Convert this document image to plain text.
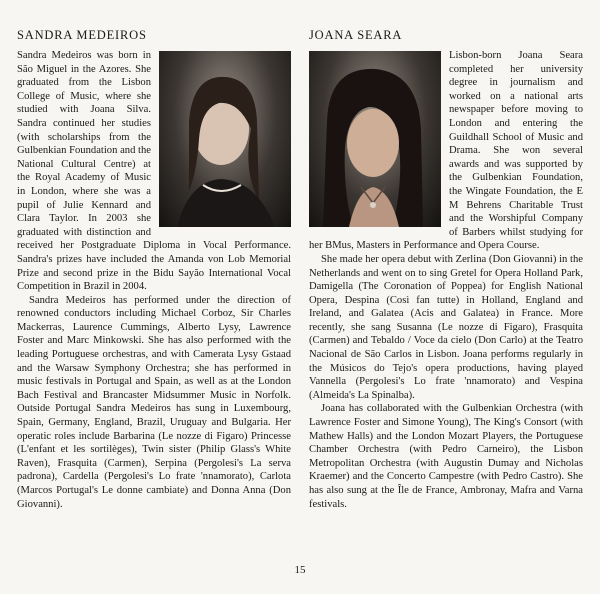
SANDRA MEDEIROS

Sandra Medeiros was born in São Miguel in the Azores. She graduated from the Lisbon College of Music, where she studied with Joana Silva. Sandra continued her studies (with scholarships from the Gulbenkian Foundation and the National Cultural Centre) at the Royal Academy of Music in London, where she was a pupil of Julie Kennard and Clara Taylor. In 2003 she graduated with distinction and received her Postgraduate Diploma in Vocal Performance. Sandra's prizes have included the Amanda von Lob Memorial Prize and second prize in the Bidu Sayão International Vocal Competition in Brazil in 2004.

Sandra Medeiros has performed under the direction of renowned conductors including Michael Corboz, Sir Charles Mackerras, Laurence Cummings, Alberto Lysy, Lawrence Foster and Marc Minkowski. She has also performed with the leading Portuguese orchestras, and with Camerata Lysy Gstaad and the Warsaw Symphony Orchestra; she has performed in music festivals in Portugal and Spain, as well as at the London Bach Festival and Brancaster Midsummer Music in Norfolk. Outside Portugal Sandra Medeiros has sung in Luxembourg, Spain, Germany, England, Brazil, Uruguay and Bulgaria. Her operatic roles include Barbarina (Le nozze di Figaro) Princesse (L'enfant et les sortilèges), Twin sister (Philip Glass's White Raven), Frasquita (Carmen), Serpina (Pergolesi's La serva padrona), Cardella (Pergolesi's Lo frate 'nnamorato), Carlota (Marcos Portugal's Le donne cambiate) and Donna Anna (Don Giovanni).

JOANA SEARA

Lisbon-born Joana Seara completed her university degree in journalism and worked on a national arts newspaper before moving to London and entering the Guildhall School of Music and Drama. She won several awards and was supported by the Gulbenkian Foundation, the Wingate Foundation, the E M Behrens Charitable Trust and the Worshipful Company of Barbers whilst studying for her BMus, Masters in Performance and Opera Course.

She made her opera debut with Zerlina (Don Giovanni) in the Netherlands and went on to sing Gretel for Opera Holland Park, Damigella (The Coronation of Poppea) for English National Opera, Despina (Così fan tutte) in Holland, England and Ireland, and Galatea (Acis and Galatea) in France. More recently, she sang Susanna (Le nozze di Figaro), Frasquita (Carmen) and Tebaldo / Voce da cielo (Don Carlo) at the Teatro Nacional de São Carlos in Lisbon. Joana performs regularly in the Músicos do Tejo's opera productions, having played Vannella (Pergolesi's Lo frate 'nnamorato) and Vespina (Almeida's La Spinalba).

Joana has collaborated with the Gulbenkian Orchestra (with Lawrence Foster and Simone Young), The King's Consort (with Mathew Halls) and the London Mozart Players, the Portuguese Chamber Orchestra (with Pedro Carneiro), the Lisbon Metropolitan Orchestra (with Augustin Dumay and Nicholas Kraemer) and the Concerto Campestre (with Pedro Castro). She has also sung at the Île de France, Ambronay, Mafra and Varna festivals.

15
